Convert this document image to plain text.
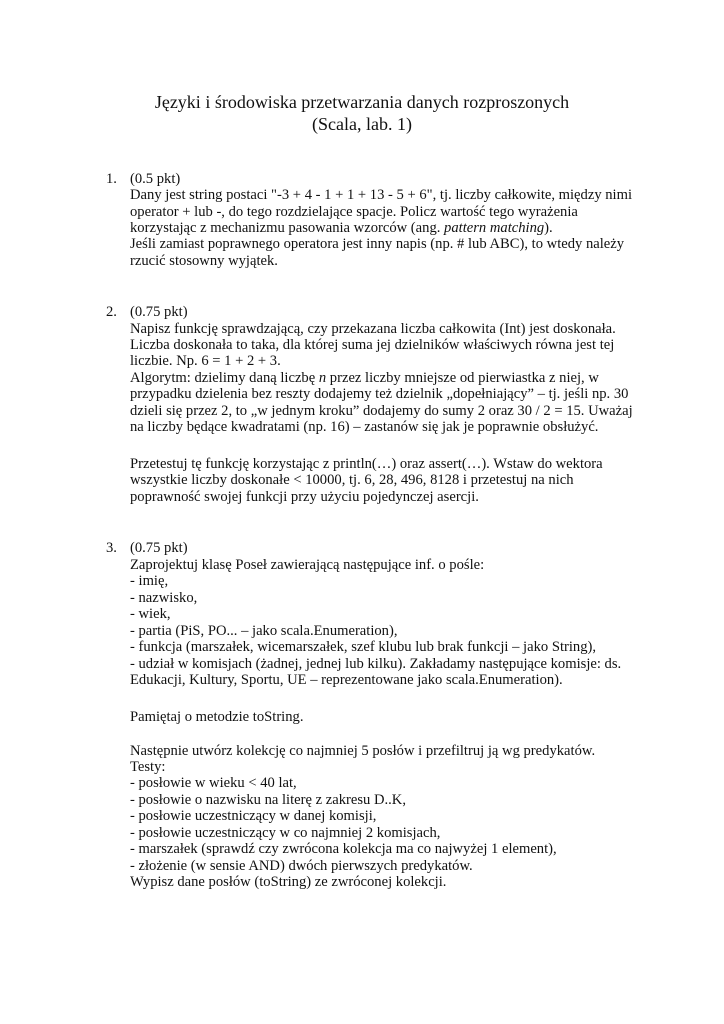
Języki i środowiska przetwarzania danych rozproszonych
(Scala, lab. 1)
1. (0.5 pkt)
Dany jest string postaci "-3 + 4 - 1 + 1 + 13 - 5 + 6", tj. liczby całkowite, między nimi
operator + lub -, do tego rozdzielające spacje. Policz wartość tego wyrażenia
korzystając z mechanizmu pasowania wzorców (ang. pattern matching).
Jeśli zamiast poprawnego operatora jest inny napis (np. # lub ABC), to wtedy należy
rzucić stosowny wyjątek.
2. (0.75 pkt)
Napisz funkcję sprawdzającą, czy przekazana liczba całkowita (Int) jest doskonała.
Liczba doskonała to taka, dla której suma jej dzielników właściwych równa jest tej
liczbie. Np. 6 = 1 + 2 + 3.
Algorytm: dzielimy daną liczbę n przez liczby mniejsze od pierwiastka z niej, w
przypadku dzielenia bez reszty dodajemy też dzielnik „dopełniający” – tj. jeśli np. 30
dzieli się przez 2, to „w jednym kroku” dodajemy do sumy 2 oraz 30 / 2 = 15. Uważaj
na liczby będące kwadratami (np. 16) – zastanów się jak je poprawnie obsłużyć.
Przetestuj tę funkcję korzystając z println(…) oraz assert(…). Wstaw do wektora
wszystkie liczby doskonałe < 10000, tj. 6, 28, 496, 8128 i przetestuj na nich
poprawność swojej funkcji przy użyciu pojedynczej asercji.
3. (0.75 pkt)
Zaprojektuj klasę Poseł zawierającą następujące inf. o pośle:
- imię,
- nazwisko,
- wiek,
- partia (PiS, PO... – jako scala.Enumeration),
- funkcja (marszałek, wicemarszałek, szef klubu lub brak funkcji – jako String),
- udział w komisjach (żadnej, jednej lub kilku). Zakładamy następujące komisje: ds.
Edukacji, Kultury, Sportu, UE – reprezentowane jako scala.Enumeration).
Pamiętaj o metodzie toString.
Następnie utwórz kolekcję co najmniej 5 posłów i przefiltruj ją wg predykatów.
Testy:
- posłowie w wieku < 40 lat,
- posłowie o nazwisku na literę z zakresu D..K,
- posłowie uczestniczący w danej komisji,
- posłowie uczestniczący w co najmniej 2 komisjach,
- marszałek (sprawdź czy zwrócona kolekcja ma co najwyżej 1 element),
- złożenie (w sensie AND) dwóch pierwszych predykatów.
Wypisz dane posłów (toString) ze zwróconej kolekcji.
